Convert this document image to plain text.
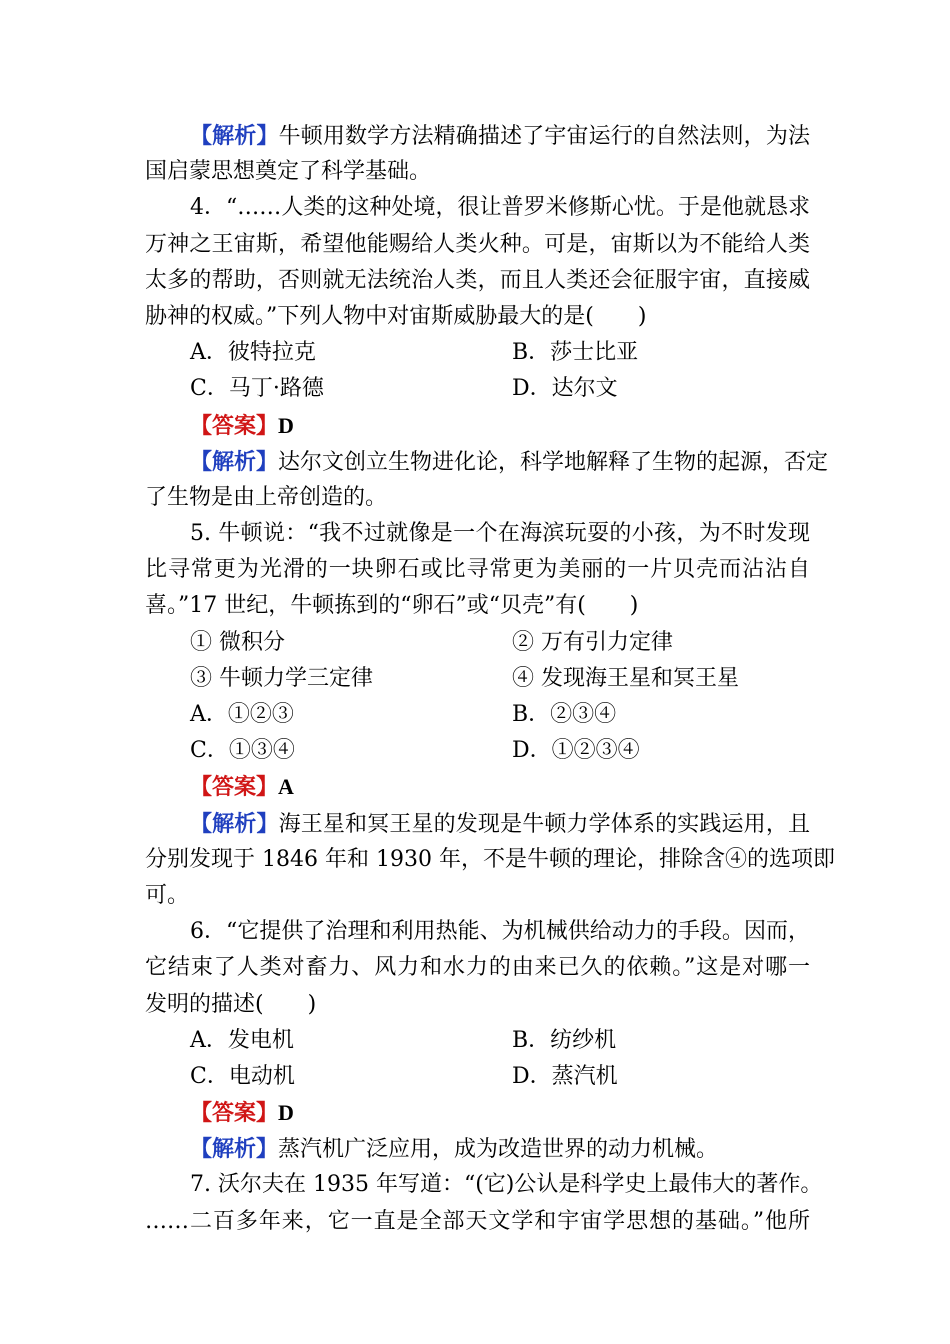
【解析】牛顿用数学方法精确描述了宇宙运行的自然法则，为法
国启蒙思想奠定了科学基础。
4．“……人类的这种处境，很让普罗米修斯心忧。于是他就恳求
万神之王宙斯，希望他能赐给人类火种。可是，宙斯以为不能给人类
太多的帮助，否则就无法统治人类，而且人类还会征服宇宙，直接威
胁神的权威。”下列人物中对宙斯威胁最大的是(　　)
A．彼特拉克	B．莎士比亚
C．马丁·路德	D．达尔文
【答案】D
【解析】达尔文创立生物进化论，科学地解释了生物的起源，否定
了生物是由上帝创造的。
5. 牛顿说：“我不过就像是一个在海滨玩耍的小孩，为不时发现
比寻常更为光滑的一块卵石或比寻常更为美丽的一片贝壳而沾沾自
喜。”17 世纪，牛顿拣到的“卵石”或“贝壳”有(　　)
① 微积分	② 万有引力定律
③ 牛顿力学三定律	④ 发现海王星和冥王星
A．①②③	B．②③④
C．①③④	D．①②③④
【答案】A
【解析】海王星和冥王星的发现是牛顿力学体系的实践运用，且
分别发现于 1846 年和 1930 年，不是牛顿的理论，排除含④的选项即
可。
6．“它提供了治理和利用热能、为机械供给动力的手段。因而，
它结束了人类对畜力、风力和水力的由来已久的依赖。”这是对哪一
发明的描述(　　)
A．发电机	B．纺纱机
C．电动机	D．蒸汽机
【答案】D
【解析】蒸汽机广泛应用，成为改造世界的动力机械。
7. 沃尔夫在 1935 年写道：“(它)公认是科学史上最伟大的著作。
……二百多年来，它一直是全部天文学和宇宙学思想的基础。”他所
